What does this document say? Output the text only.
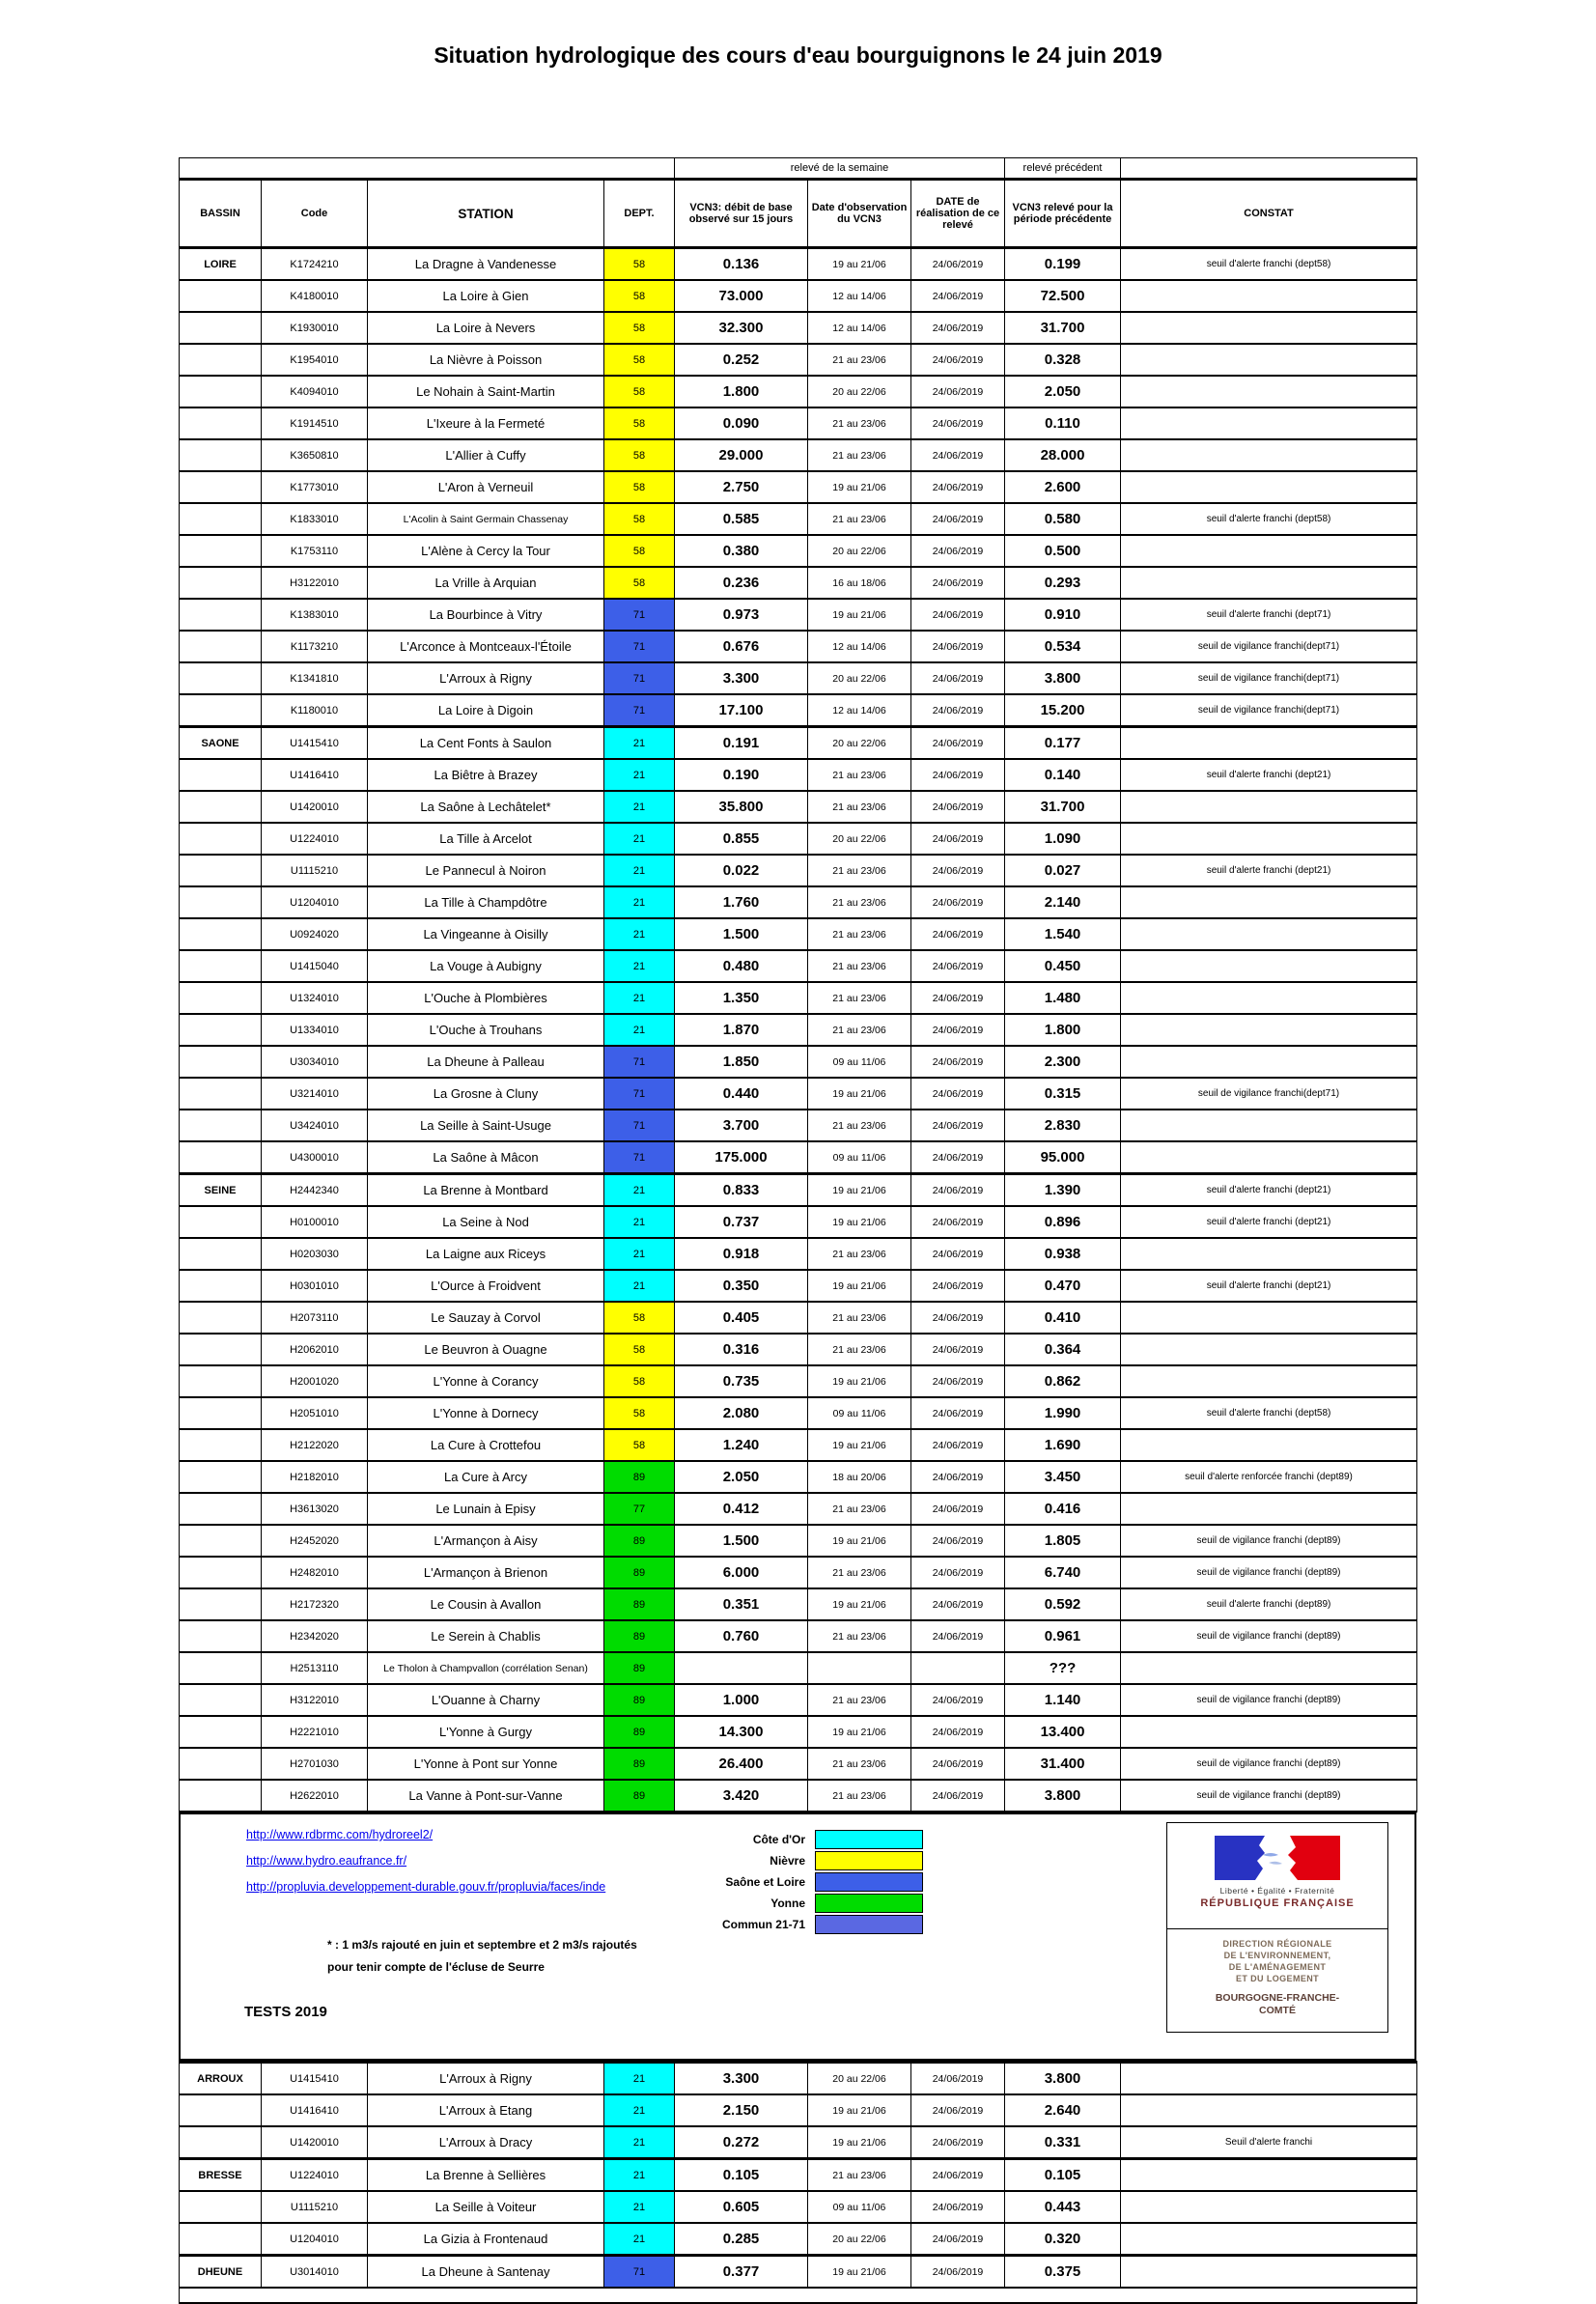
Situation hydrologique des cours d'eau bourguignons le 24 juin 2019
				relevé de la semaine			relevé précédent	
BASSIN	Code	STATION	DEPT.	VCN3: débit de base observé sur 15 jours	Date d'observation du VCN3	DATE de réalisation de ce relevé	VCN3 relevé pour la période précédente	CONSTAT
LOIRE	K1724210	La Dragne à Vandenesse	58	0.136	19 au 21/06	24/06/2019	0.199	seuil d'alerte franchi (dept58)
	K4180010	La Loire à Gien	58	73.000	12 au 14/06	24/06/2019	72.500	
	K1930010	La Loire à Nevers	58	32.300	12 au 14/06	24/06/2019	31.700	
	K1954010	La Nièvre à Poisson	58	0.252	21 au 23/06	24/06/2019	0.328	
	K4094010	Le Nohain à Saint-Martin	58	1.800	20 au 22/06	24/06/2019	2.050	
	K1914510	L'Ixeure à la Fermeté	58	0.090	21 au 23/06	24/06/2019	0.110	
	K3650810	L'Allier à Cuffy	58	29.000	21 au 23/06	24/06/2019	28.000	
	K1773010	L'Aron à Verneuil	58	2.750	19 au 21/06	24/06/2019	2.600	
	K1833010	L'Acolin à Saint Germain Chassenay	58	0.585	21 au 23/06	24/06/2019	0.580	seuil d'alerte franchi (dept58)
	K1753110	L'Alène à Cercy la Tour	58	0.380	20 au 22/06	24/06/2019	0.500	
	H3122010	La Vrille à Arquian	58	0.236	16 au 18/06	24/06/2019	0.293	
	K1383010	La Bourbince à Vitry	71	0.973	19 au 21/06	24/06/2019	0.910	seuil d'alerte franchi (dept71)
	K1173210	L'Arconce à Montceaux-l'Étoile	71	0.676	12 au 14/06	24/06/2019	0.534	seuil de vigilance franchi(dept71)
	K1341810	L'Arroux à Rigny	71	3.300	20 au 22/06	24/06/2019	3.800	seuil de vigilance franchi(dept71)
	K1180010	La Loire à Digoin	71	17.100	12 au 14/06	24/06/2019	15.200	seuil de vigilance franchi(dept71)
SAONE	U1415410	La Cent Fonts à Saulon	21	0.191	20 au 22/06	24/06/2019	0.177	
	U1416410	La Biêtre à Brazey	21	0.190	21 au 23/06	24/06/2019	0.140	seuil d'alerte franchi (dept21)
	U1420010	La Saône à Lechâtelet*	21	35.800	21 au 23/06	24/06/2019	31.700	
	U1224010	La Tille à Arcelot	21	0.855	20 au 22/06	24/06/2019	1.090	
	U1115210	Le Pannecul à Noiron	21	0.022	21 au 23/06	24/06/2019	0.027	seuil d'alerte franchi (dept21)
	U1204010	La Tille à Champdôtre	21	1.760	21 au 23/06	24/06/2019	2.140	
	U0924020	La Vingeanne à Oisilly	21	1.500	21 au 23/06	24/06/2019	1.540	
	U1415040	La Vouge à Aubigny	21	0.480	21 au 23/06	24/06/2019	0.450	
	U1324010	L'Ouche à Plombières	21	1.350	21 au 23/06	24/06/2019	1.480	
	U1334010	L'Ouche à Trouhans	21	1.870	21 au 23/06	24/06/2019	1.800	
	U3034010	La Dheune à Palleau	71	1.850	09 au 11/06	24/06/2019	2.300	
	U3214010	La Grosne à Cluny	71	0.440	19 au 21/06	24/06/2019	0.315	seuil de vigilance franchi(dept71)
	U3424010	La Seille à Saint-Usuge	71	3.700	21 au 23/06	24/06/2019	2.830	
	U4300010	La Saône à Mâcon	71	175.000	09 au 11/06	24/06/2019	95.000	
SEINE	H2442340	La Brenne à Montbard	21	0.833	19 au 21/06	24/06/2019	1.390	seuil d'alerte franchi (dept21)
	H0100010	La Seine à Nod	21	0.737	19 au 21/06	24/06/2019	0.896	seuil d'alerte franchi (dept21)
	H0203030	La Laigne aux Riceys	21	0.918	21 au 23/06	24/06/2019	0.938	
	H0301010	L'Ource à Froidvent	21	0.350	19 au 21/06	24/06/2019	0.470	seuil d'alerte franchi (dept21)
	H2073110	Le Sauzay à Corvol	58	0.405	21 au 23/06	24/06/2019	0.410	
	H2062010	Le Beuvron à Ouagne	58	0.316	21 au 23/06	24/06/2019	0.364	
	H2001020	L'Yonne à Corancy	58	0.735	19 au 21/06	24/06/2019	0.862	
	H2051010	L'Yonne à Dornecy	58	2.080	09 au 11/06	24/06/2019	1.990	seuil d'alerte franchi (dept58)
	H2122020	La Cure à Crottefou	58	1.240	19 au 21/06	24/06/2019	1.690	
	H2182010	La Cure à Arcy	89	2.050	18 au 20/06	24/06/2019	3.450	seuil d'alerte renforcée franchi (dept89)
	H3613020	Le Lunain à Episy	77	0.412	21 au 23/06	24/06/2019	0.416	
	H2452020	L'Armançon à Aisy	89	1.500	19 au 21/06	24/06/2019	1.805	seuil de vigilance franchi (dept89)
	H2482010	L'Armançon à Brienon	89	6.000	21 au 23/06	24/06/2019	6.740	seuil de vigilance franchi (dept89)
	H2172320	Le Cousin à Avallon	89	0.351	19 au 21/06	24/06/2019	0.592	seuil d'alerte franchi (dept89)
	H2342020	Le Serein à Chablis	89	0.760	21 au 23/06	24/06/2019	0.961	seuil de vigilance franchi (dept89)
	H2513110	Le Tholon à Champvallon (corrélation Senan)	89				???	
	H3122010	L'Ouanne à Charny	89	1.000	21 au 23/06	24/06/2019	1.140	seuil de vigilance franchi (dept89)
	H2221010	L'Yonne à Gurgy	89	14.300	19 au 21/06	24/06/2019	13.400	
	H2701030	L'Yonne à Pont sur Yonne	89	26.400	21 au 23/06	24/06/2019	31.400	seuil de vigilance franchi (dept89)
	H2622010	La Vanne à Pont-sur-Vanne	89	3.420	21 au 23/06	24/06/2019	3.800	seuil de vigilance franchi (dept89)
http://www.rdbrmc.com/hydroreel2/
http://www.hydro.eaufrance.fr/
http://propluvia.developpement-durable.gouv.fr/propluvia/faces/inde
Côte d'Or
Nièvre
Saône et Loire
Yonne
Commun 21-71
* : 1 m3/s rajouté en juin et septembre et 2 m3/s rajoutés
pour tenir compte de l'écluse de Seurre
TESTS 2019
Liberté • Égalité • Fraternité
RÉPUBLIQUE FRANÇAISE
DIRECTION RÉGIONALE
DE L'ENVIRONNEMENT,
DE L'AMÉNAGEMENT
ET DU LOGEMENT
BOURGOGNE-FRANCHE-COMTÉ
ARROUX	U1415410	L'Arroux à Rigny	21	3.300	20 au 22/06	24/06/2019	3.800	
	U1416410	L'Arroux à Etang	21	2.150	19 au 21/06	24/06/2019	2.640	
	U1420010	L'Arroux à Dracy	21	0.272	19 au 21/06	24/06/2019	0.331	Seuil d'alerte franchi
BRESSE	U1224010	La Brenne à Sellières	21	0.105	21 au 23/06	24/06/2019	0.105	
	U1115210	La Seille à Voiteur	21	0.605	09 au 11/06	24/06/2019	0.443	
	U1204010	La Gizia à Frontenaud	21	0.285	20 au 22/06	24/06/2019	0.320	
DHEUNE	U3014010	La Dheune à Santenay	71	0.377	19 au 21/06	24/06/2019	0.375	
